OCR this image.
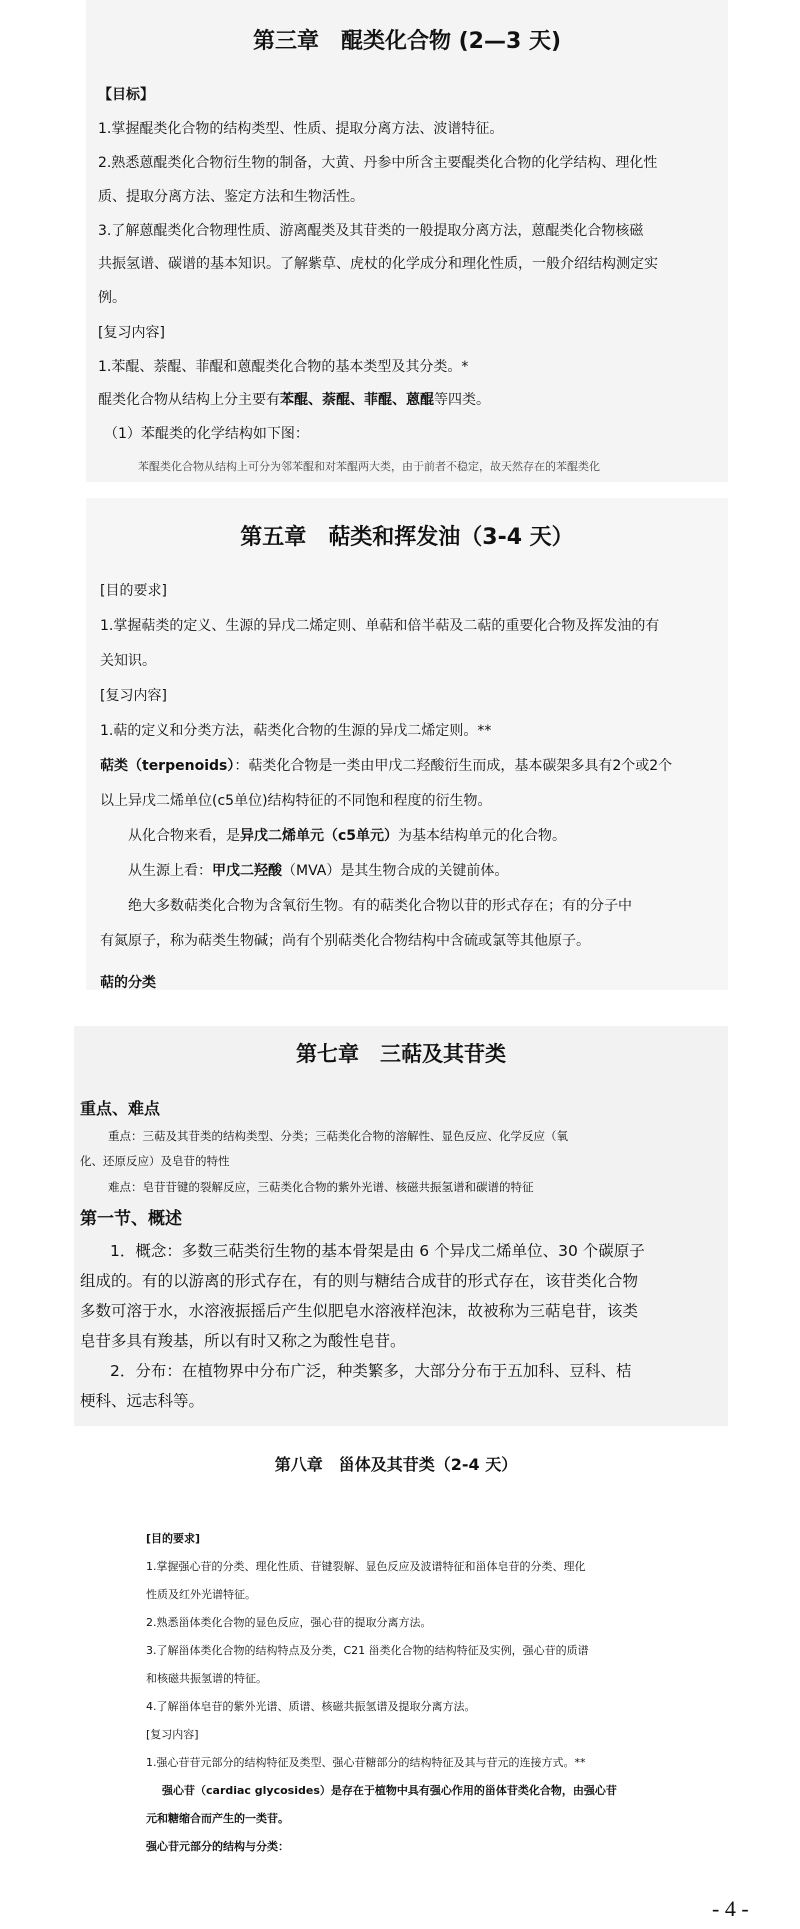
第三章　醌类化合物 (2—3 天)

【目标】

1.掌握醌类化合物的结构类型、性质、提取分离方法、波谱特征。

2.熟悉蒽醌类化合物衍生物的制备，大黄、丹参中所含主要醌类化合物的化学结构、理化性

质、提取分离方法、鉴定方法和生物活性。

3.了解蒽醌类化合物理性质、游离醌类及其苷类的一般提取分离方法，蒽醌类化合物核磁

共振氢谱、碳谱的基本知识。了解紫草、虎杖的化学成分和理化性质，一般介绍结构测定实

例。

[复习内容]

1.苯醌、萘醌、菲醌和蒽醌类化合物的基本类型及其分类。*

醌类化合物从结构上分主要有苯醌、萘醌、菲醌、蒽醌等四类。

（1）苯醌类的化学结构如下图：

苯醌类化合物从结构上可分为邻苯醌和对苯醌两大类，由于前者不稳定，故天然存在的苯醌类化

第五章　萜类和挥发油（3-4 天）

[目的要求]

1.掌握萜类的定义、生源的异戊二烯定则、单萜和倍半萜及二萜的重要化合物及挥发油的有

关知识。

[复习内容]

1.萜的定义和分类方法，萜类化合物的生源的异戊二烯定则。**

萜类（terpenoids）：萜类化合物是一类由甲戊二羟酸衍生而成，基本碳架多具有2个或2个

以上异戊二烯单位(c5单位)结构特征的不同饱和程度的衍生物。

从化合物来看，是异戊二烯单元（c5单元）为基本结构单元的化合物。

从生源上看：甲戊二羟酸（MVA）是其生物合成的关键前体。

绝大多数萜类化合物为含氧衍生物。有的萜类化合物以苷的形式存在；有的分子中

有氮原子，称为萜类生物碱；尚有个别萜类化合物结构中含硫或氯等其他原子。

萜的分类

第七章　三萜及其苷类

重点、难点

重点：三萜及其苷类的结构类型、分类；三萜类化合物的溶解性、显色反应、化学反应（氧

化、还原反应）及皂苷的特性

难点：皂苷苷键的裂解反应，三萜类化合物的紫外光谱、核磁共振氢谱和碳谱的特征

第一节、概述

1．概念：多数三萜类衍生物的基本骨架是由 6 个异戊二烯单位、30 个碳原子

组成的。有的以游离的形式存在，有的则与糖结合成苷的形式存在，该苷类化合物

多数可溶于水，水溶液振摇后产生似肥皂水溶液样泡沫，故被称为三萜皂苷，该类

皂苷多具有羧基，所以有时又称之为酸性皂苷。

2．分布：在植物界中分布广泛，种类繁多，大部分分布于五加科、豆科、桔

梗科、远志科等。

第八章　甾体及其苷类（2-4 天）

[目的要求]

1.掌握强心苷的分类、理化性质、苷键裂解、显色反应及波谱特征和甾体皂苷的分类、理化

性质及红外光谱特征。

2.熟悉甾体类化合物的显色反应，强心苷的提取分离方法。

3.了解甾体类化合物的结构特点及分类，C21 甾类化合物的结构特征及实例，强心苷的质谱

和核磁共振氢谱的特征。

4.了解甾体皂苷的紫外光谱、质谱、核磁共振氢谱及提取分离方法。

[复习内容]

1.强心苷苷元部分的结构特征及类型、强心苷糖部分的结构特征及其与苷元的连接方式。**

强心苷（cardiac glycosides）是存在于植物中具有强心作用的甾体苷类化合物，由强心苷

元和糖缩合而产生的一类苷。

强心苷元部分的结构与分类：

- 4 -
